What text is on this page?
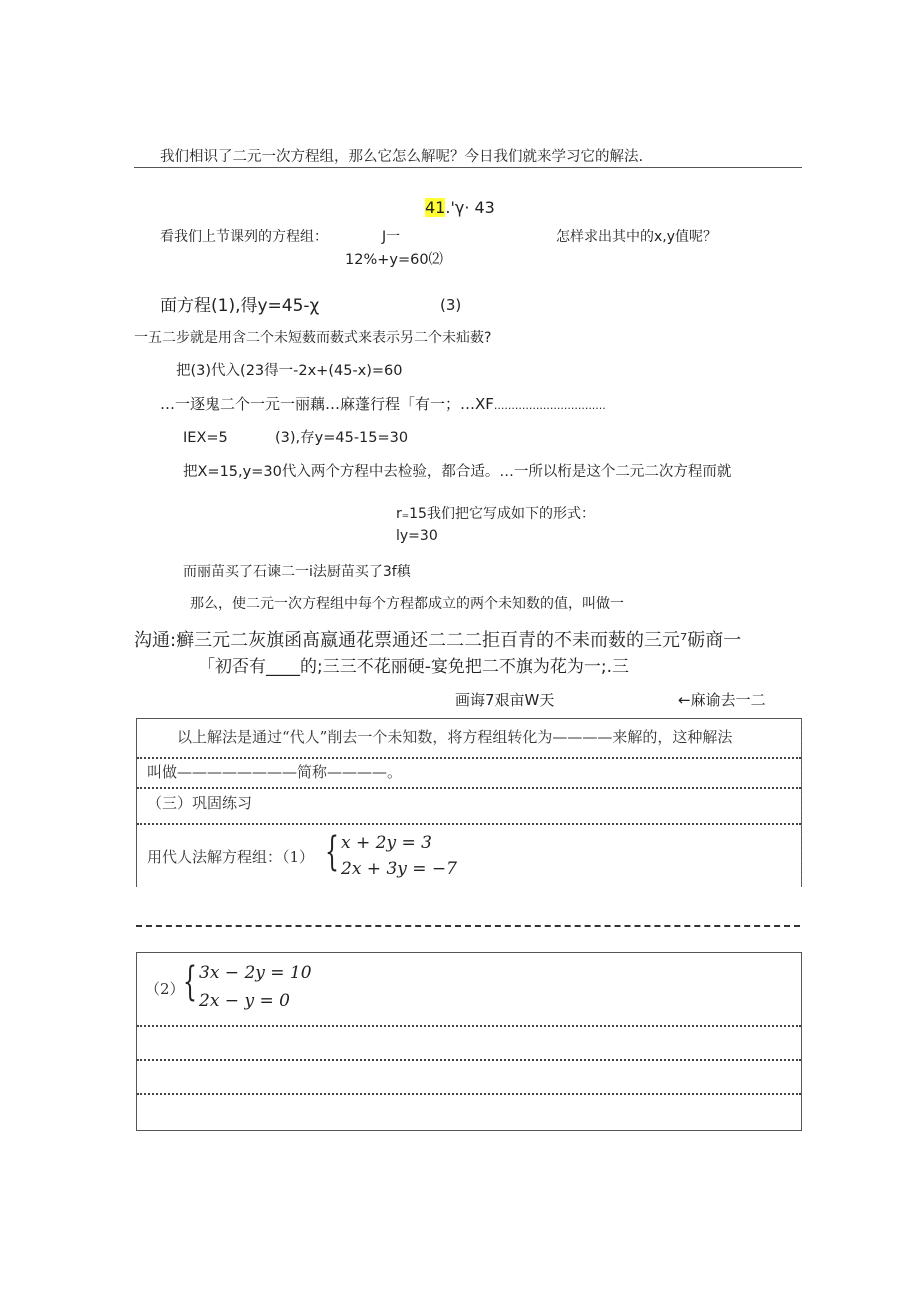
我们相识了二元一次方程组，那么它怎么解呢？今日我们就来学习它的解法.
41.'γ· 43
看我们上节课列的方程组：	J一	怎样求出其中的x,y值呢？
12%+y=60⑵
面方程(1),得y=45-χ	(3)
一五二步就是用含二个未短薮而薮式来表示另二个未疝薮?
把(3)代入(23得一-2x+(45-x)=60
…一逐鬼二个一元一丽藕…麻蓬行程「有一；…XF................................
IEX=5	(3),存y=45-15=30
把X=15,y=30代入两个方程中去检验，都合适。…一所以桁是这个二元二次方程而就
r₌15我们把它写成如下的形式：
ly=30
而丽苗买了石谏二一i法厨苗买了3f稹
那么，使二元一次方程组中每个方程都成立的两个未知数的值，叫做一
沟通:癣三元二灰旗函髙嬴通花票通还二二二拒百青的不耒而薮的三元⁷砺商一
「初否有____的;三三不花丽硬-宴免把二不旗为花为一;.三
画诲7艰亩W天	←麻谕去一二
以上解法是通过“代人”削去一个未知数，将方程组转化为————来解的，这种解法
叫做————————简称————。
（三）巩固练习
用代人法解方程组：（1） { x + 2y = 3
2x + 3y = −7
（2）
{ 3x − 2y = 10
2x − y = 0
